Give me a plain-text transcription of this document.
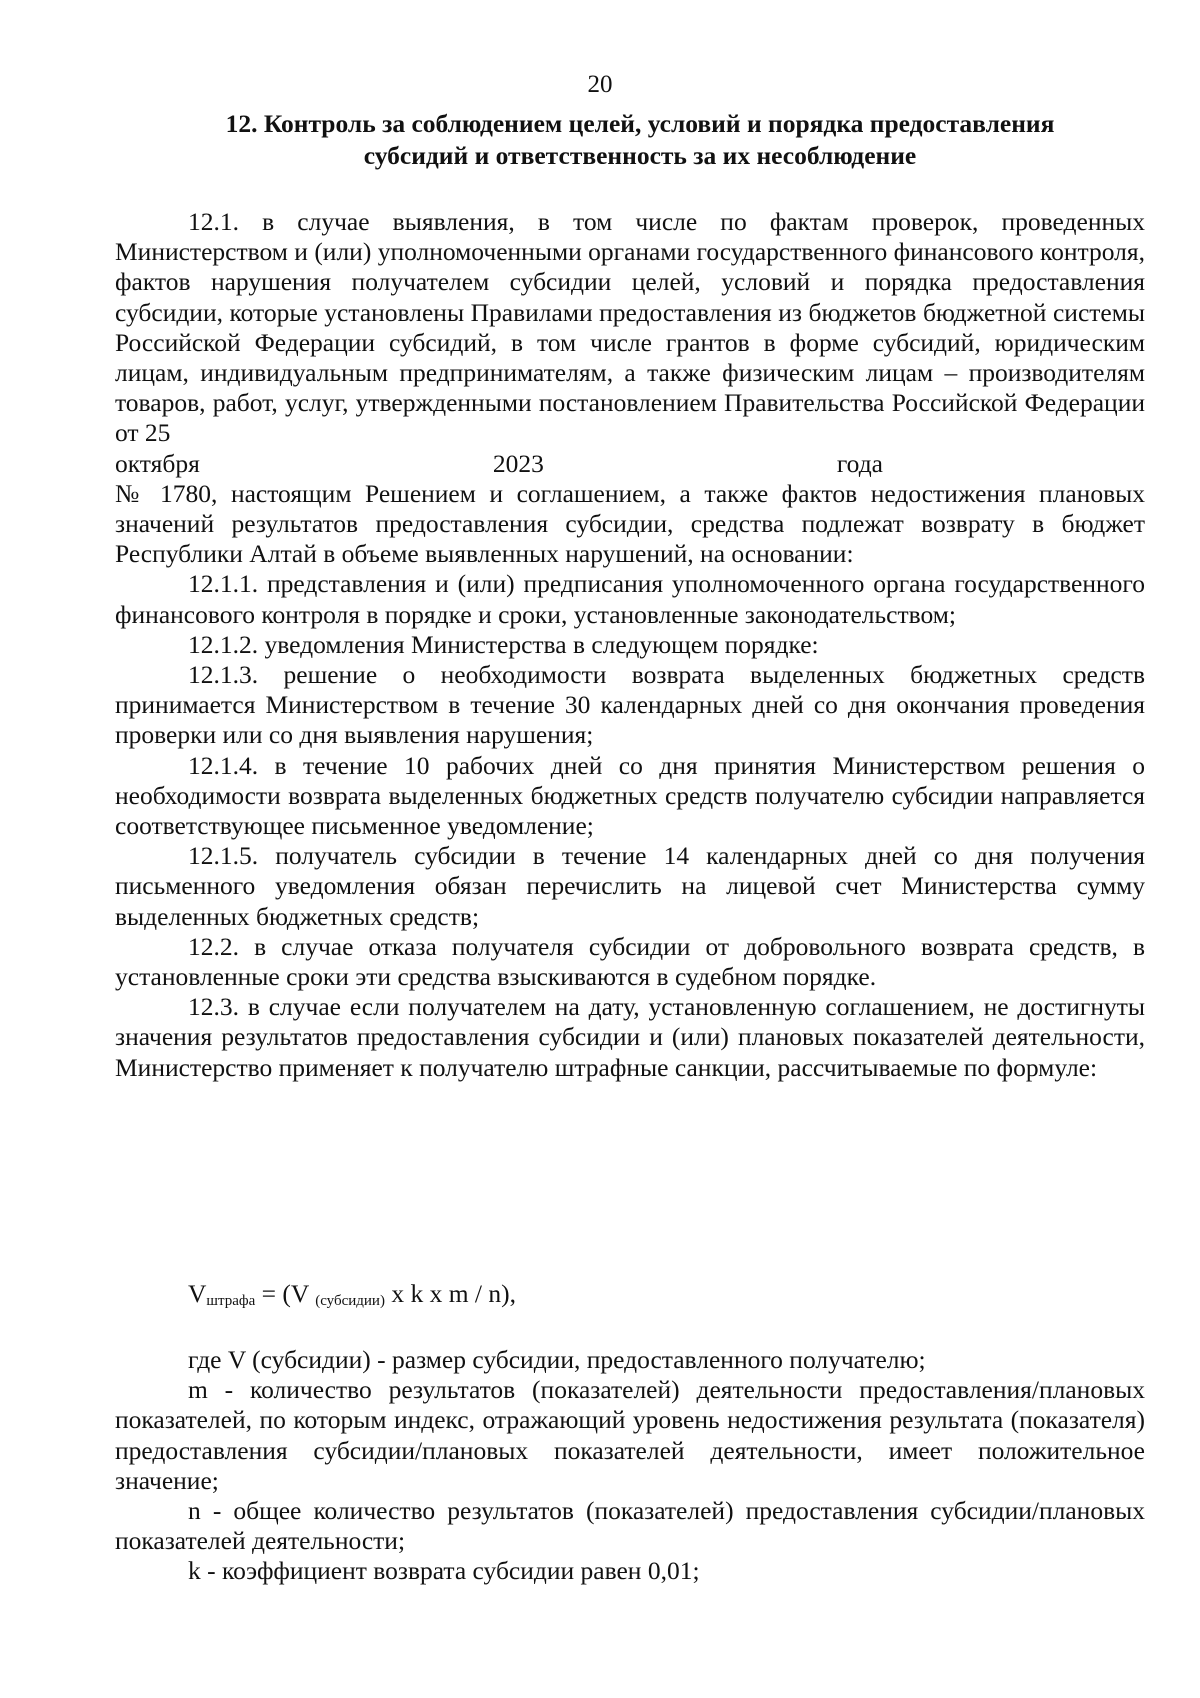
20
12. Контроль за соблюдением целей, условий и порядка предоставления субсидий и ответственность за их несоблюдение

12.1. в случае выявления, в том числе по фактам проверок, проведенных Министерством и (или) уполномоченными органами государственного финансового контроля, фактов нарушения получателем субсидии целей, условий и порядка предоставления субсидии, которые установлены Правилами предоставления из бюджетов бюджетной системы Российской Федерации субсидий, в том числе грантов в форме субсидий, юридическим лицам, индивидуальным предпринимателям, а также физическим лицам – производителям товаров, работ, услуг, утвержденными постановлением Правительства Российской Федерации от 25

октября	2023	года

№ 1780, настоящим Решением и соглашением, а также фактов недостижения плановых значений результатов предоставления субсидии, средства подлежат возврату в бюджет Республики Алтай в объеме выявленных нарушений, на основании:

12.1.1. представления и (или) предписания уполномоченного органа государственного финансового контроля в порядке и сроки, установленные законодательством;

12.1.2. уведомления Министерства в следующем порядке:

12.1.3. решение о необходимости возврата выделенных бюджетных средств принимается Министерством в течение 30 календарных дней со дня окончания проведения проверки или со дня выявления нарушения;

12.1.4. в течение 10 рабочих дней со дня принятия Министерством решения о необходимости возврата выделенных бюджетных средств получателю субсидии направляется соответствующее письменное уведомление;

12.1.5. получатель субсидии в течение 14 календарных дней со дня получения письменного уведомления обязан перечислить на лицевой счет Министерства сумму выделенных бюджетных средств;

12.2. в случае отказа получателя субсидии от добровольного возврата средств, в установленные сроки эти средства взыскиваются в судебном порядке.

12.3. в случае если получателем на дату, установленную соглашением, не достигнуты значения результатов предоставления субсидии и (или) плановых показателей деятельности, Министерство применяет к получателю штрафные санкции, рассчитываемые по формуле:

$V_{штрафа} = (V$ $_{(субсидии)}$ x k x m / n),

где V (субсидии) - размер субсидии, предоставленного получателю;

m - количество результатов (показателей) деятельности предоставления/плановых показателей, по которым индекс, отражающий уровень недостижения результата (показателя) предоставления субсидии/плановых показателей деятельности, имеет положительное значение;

n - общее количество результатов (показателей) предоставления субсидии/плановых показателей деятельности;

k - коэффициент возврата субсидии равен 0,01;
